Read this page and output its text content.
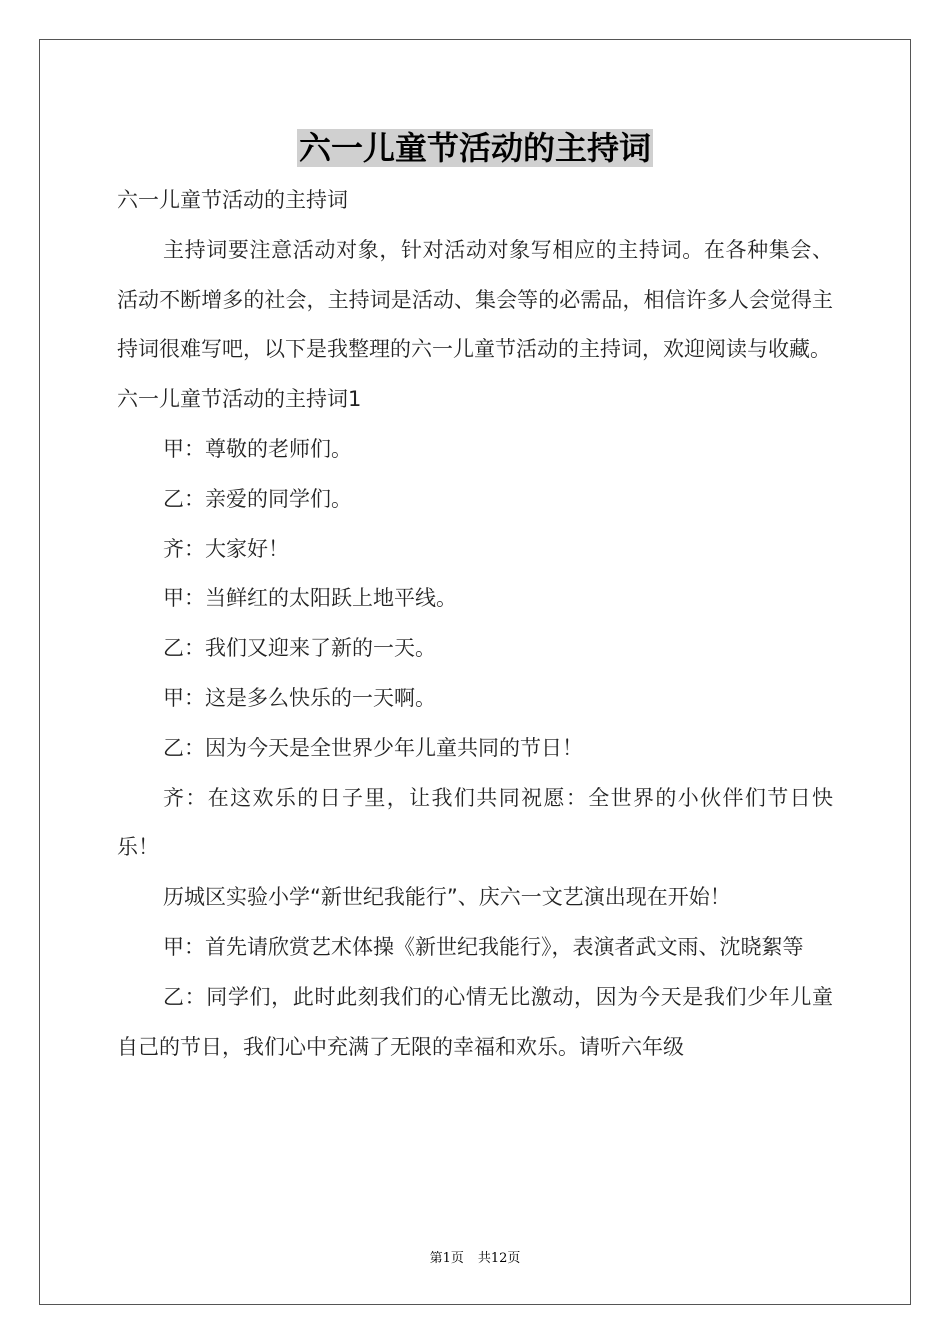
六一儿童节活动的主持词

六一儿童节活动的主持词

主持词要注意活动对象，针对活动对象写相应的主持词。在各种集会、活动不断增多的社会，主持词是活动、集会等的必需品，相信许多人会觉得主持词很难写吧，以下是我整理的六一儿童节活动的主持词，欢迎阅读与收藏。

六一儿童节活动的主持词1

甲：尊敬的老师们。

乙：亲爱的同学们。

齐：大家好！

甲：当鲜红的太阳跃上地平线。

乙：我们又迎来了新的一天。

甲：这是多么快乐的一天啊。

乙：因为今天是全世界少年儿童共同的节日！

齐：在这欢乐的日子里，让我们共同祝愿：全世界的小伙伴们节日快乐！

历城区实验小学“新世纪我能行”、庆六一文艺演出现在开始！

甲：首先请欣赏艺术体操《新世纪我能行》，表演者武文雨、沈晓絮等

乙：同学们，此时此刻我们的心情无比激动，因为今天是我们少年儿童自己的节日，我们心中充满了无限的幸福和欢乐。请听六年级

第1页 共12页
